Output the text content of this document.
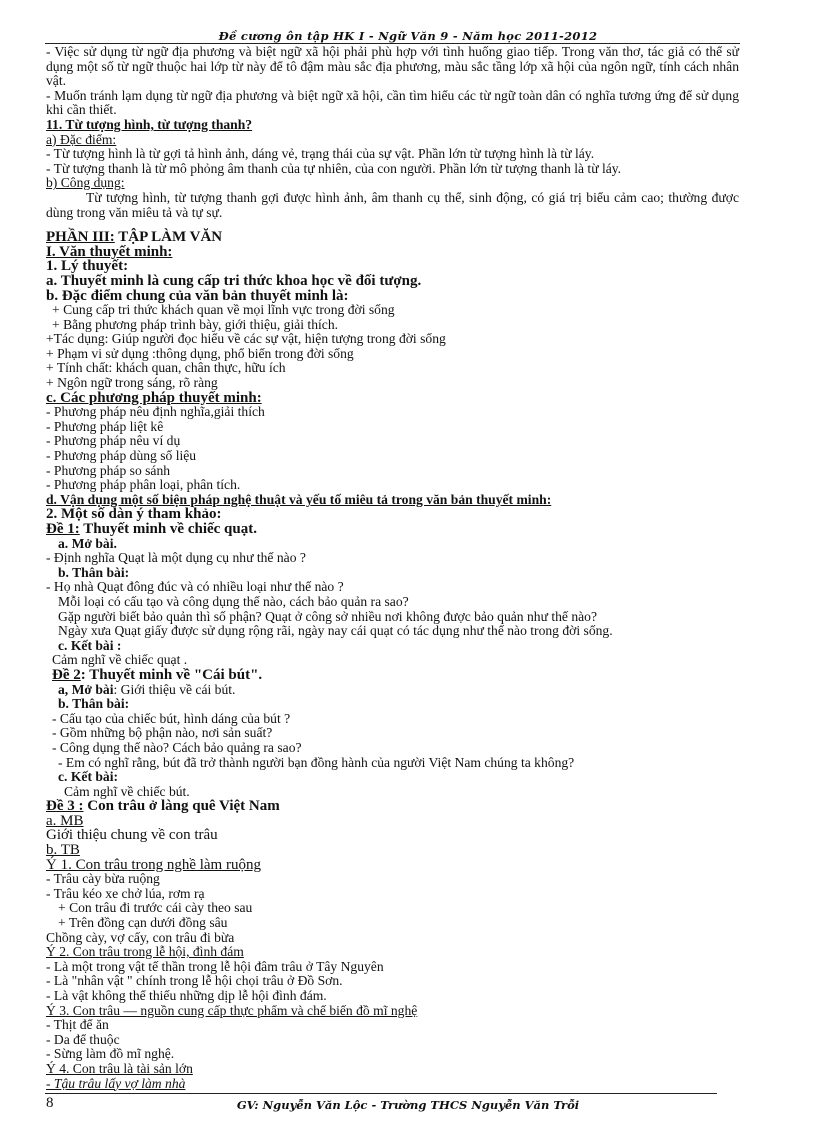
Đề cương ôn tập HK I - Ngữ Văn 9 - Năm học 2011-2012
- Việc sử dụng từ ngữ địa phương và biệt ngữ xã hội phải phù hợp với tình huống giao tiếp. Trong văn thơ, tác giả có thể sử dụng một số từ ngữ thuộc hai lớp từ này để tô đậm màu sắc địa phương, màu sắc tầng lớp xã hội của ngôn ngữ, tính cách nhân vật.
- Muốn tránh lạm dụng từ ngữ địa phương và biệt ngữ xã hội, cần tìm hiểu các từ ngữ toàn dân có nghĩa tương ứng để sử dụng khi cần thiết.
11. Từ tượng hình, từ tượng thanh?
a) Đặc điểm:
- Từ tượng hình là từ gợi tả hình ảnh, dáng vẻ, trạng thái của sự vật. Phần lớn từ tượng hình là từ láy.
- Từ tượng thanh là từ mô phỏng âm thanh của tự nhiên, của con người. Phần lớn từ tượng thanh là từ láy.
b) Công dụng:
Từ tượng hình, từ tượng thanh gợi được hình ảnh, âm thanh cụ thể, sinh động, có giá trị biểu cảm cao; thường được dùng trong văn miêu tả và tự sự.
PHẦN III: TẬP LÀM VĂN
I. Văn thuyết minh:
1. Lý thuyết:
a. Thuyết minh là cung cấp tri thức khoa học về đối tượng.
b. Đặc điểm chung của văn bản thuyết minh là:
+ Cung cấp tri thức khách quan về mọi lĩnh vực trong đời sống
+ Bằng phương pháp trình bày, giới thiệu, giải thích.
+Tác dụng: Giúp người đọc hiểu về các sự vật, hiện tượng trong đời sống
+ Phạm vi sử dụng :thông dụng, phổ biến trong đời sống
+ Tính chất: khách quan, chân thực, hữu ích
+ Ngôn ngữ trong sáng, rõ ràng
c. Các phương pháp thuyết minh:
- Phương pháp nêu định nghĩa,giải thích
- Phương pháp liệt kê
- Phương pháp nêu ví dụ
- Phương pháp dùng số liệu
- Phương pháp so sánh
- Phương pháp phân loại, phân tích.
d. Vận dụng một số biện pháp nghệ thuật và yếu tố miêu tả trong văn bản thuyết minh:
2. Một số dàn ý tham khảo:
Đề 1: Thuyết minh về chiếc quạt.
a. Mở bài.
- Định nghĩa Quạt là một dụng cụ như thế nào ?
b. Thân bài:
- Họ nhà Quạt đông đúc và có nhiều loại như thế nào ?
Mỗi loại có cấu tạo và công dụng thế nào, cách bảo quản ra sao?
Gặp người biết bảo quản thì số phận? Quạt ở công sở nhiều nơi không được bảo quản như thế nào?
Ngày xưa Quạt giấy được sử dụng rộng rãi, ngày nay cái quạt có tác dụng như thế nào trong đời sống.
c. Kết bài :
Cảm nghĩ về chiếc quạt .
Đề 2: Thuyết minh về "Cái bút".
a, Mở bài: Giới thiệu về cái bút.
b. Thân bài:
- Cấu tạo của chiếc bút, hình dáng của bút ?
- Gồm những bộ phận nào, nơi sản suất?
- Công dụng thế nào? Cách bảo quảng ra sao?
- Em có nghĩ rằng, bút đã trở thành người bạn đồng hành của người Việt Nam chúng ta không?
c. Kết bài:
Cảm nghĩ về chiếc bút.
Đề 3 : Con trâu ở làng quê Việt Nam
a. MB
Giới thiệu chung về con trâu
b. TB
Ý 1. Con trâu trong nghề làm ruộng
- Trâu cày bừa ruộng
- Trâu kéo xe chở lúa, rơm rạ
+ Con trâu đi trước cái cày theo sau
+ Trên đồng cạn dưới đồng sâu
Chồng cày, vợ cấy, con trâu đi bừa
Ý 2. Con trâu trong lễ hội, đình đám
- Là một trong vật tế thần trong lễ hội đâm trâu ở Tây Nguyên
- Là "nhân vật " chính trong lễ hội chọi trâu ở Đồ Sơn.
- Là vật không thể thiếu những dịp lễ hội đình đám.
Ý 3. Con trâu — nguồn cung cấp thực phẩm và chế biến đồ mĩ nghệ
- Thịt để ăn
- Da để thuộc
- Sừng làm đồ mĩ nghệ.
Ý 4. Con trâu là tài sản lớn
- Tậu trâu lấy vợ làm nhà
8	GV: Nguyễn Văn Lộc - Trường THCS Nguyễn Văn Trỗi
